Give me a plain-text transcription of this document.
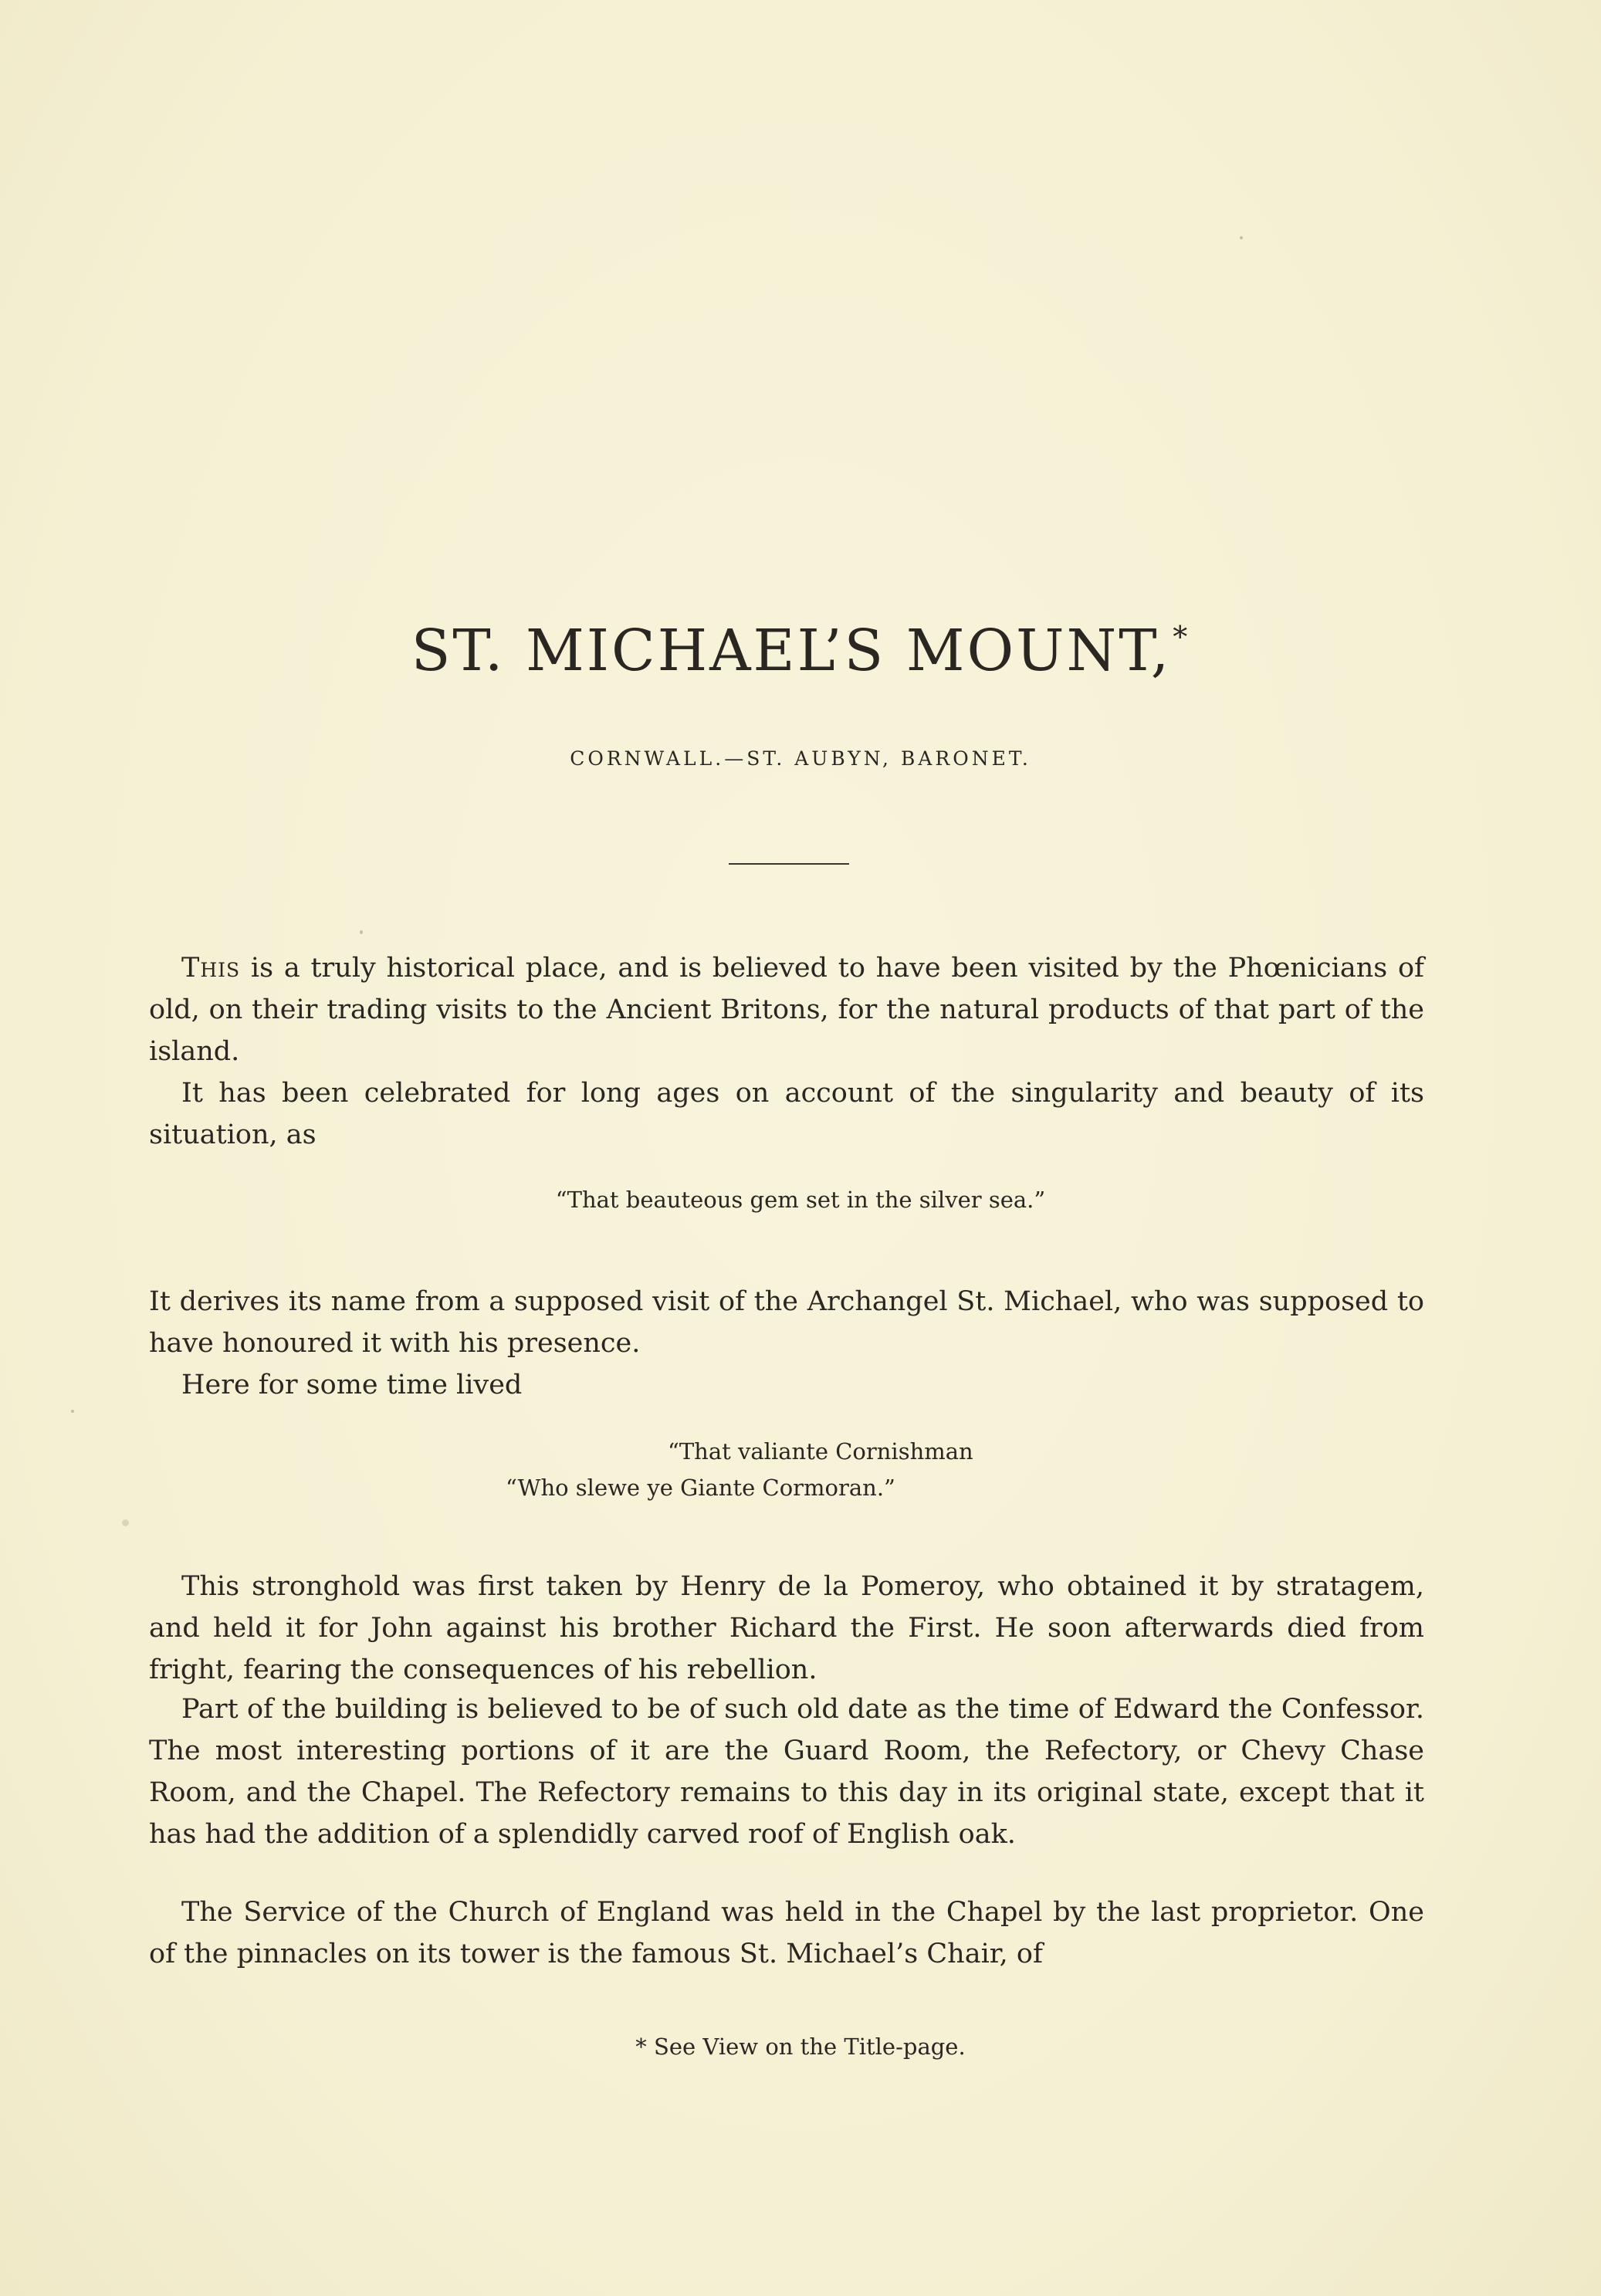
ST. MICHAEL’S MOUNT,*
CORNWALL.—ST. AUBYN, BARONET.

This is a truly historical place, and is believed to have been visited by the Phœnicians of old, on their trading visits to the Ancient Britons, for the natural products of that part of the island.

It has been celebrated for long ages on account of the singularity and beauty of its situation, as

“That beauteous gem set in the silver sea.”

It derives its name from a supposed visit of the Archangel St. Michael, who was supposed to have honoured it with his presence.

Here for some time lived

“That valiante Cornishman
“Who slewe ye Giante Cormoran.”

This stronghold was first taken by Henry de la Pomeroy, who obtained it by stratagem, and held it for John against his brother Richard the First. He soon afterwards died from fright, fearing the consequences of his rebellion.

Part of the building is believed to be of such old date as the time of Edward the Confessor. The most interesting portions of it are the Guard Room, the Refectory, or Chevy Chase Room, and the Chapel. The Refectory remains to this day in its original state, except that it has had the addition of a splendidly carved roof of English oak.

The Service of the Church of England was held in the Chapel by the last proprietor. One of the pinnacles on its tower is the famous St. Michael’s Chair, of

* See View on the Title-page.
